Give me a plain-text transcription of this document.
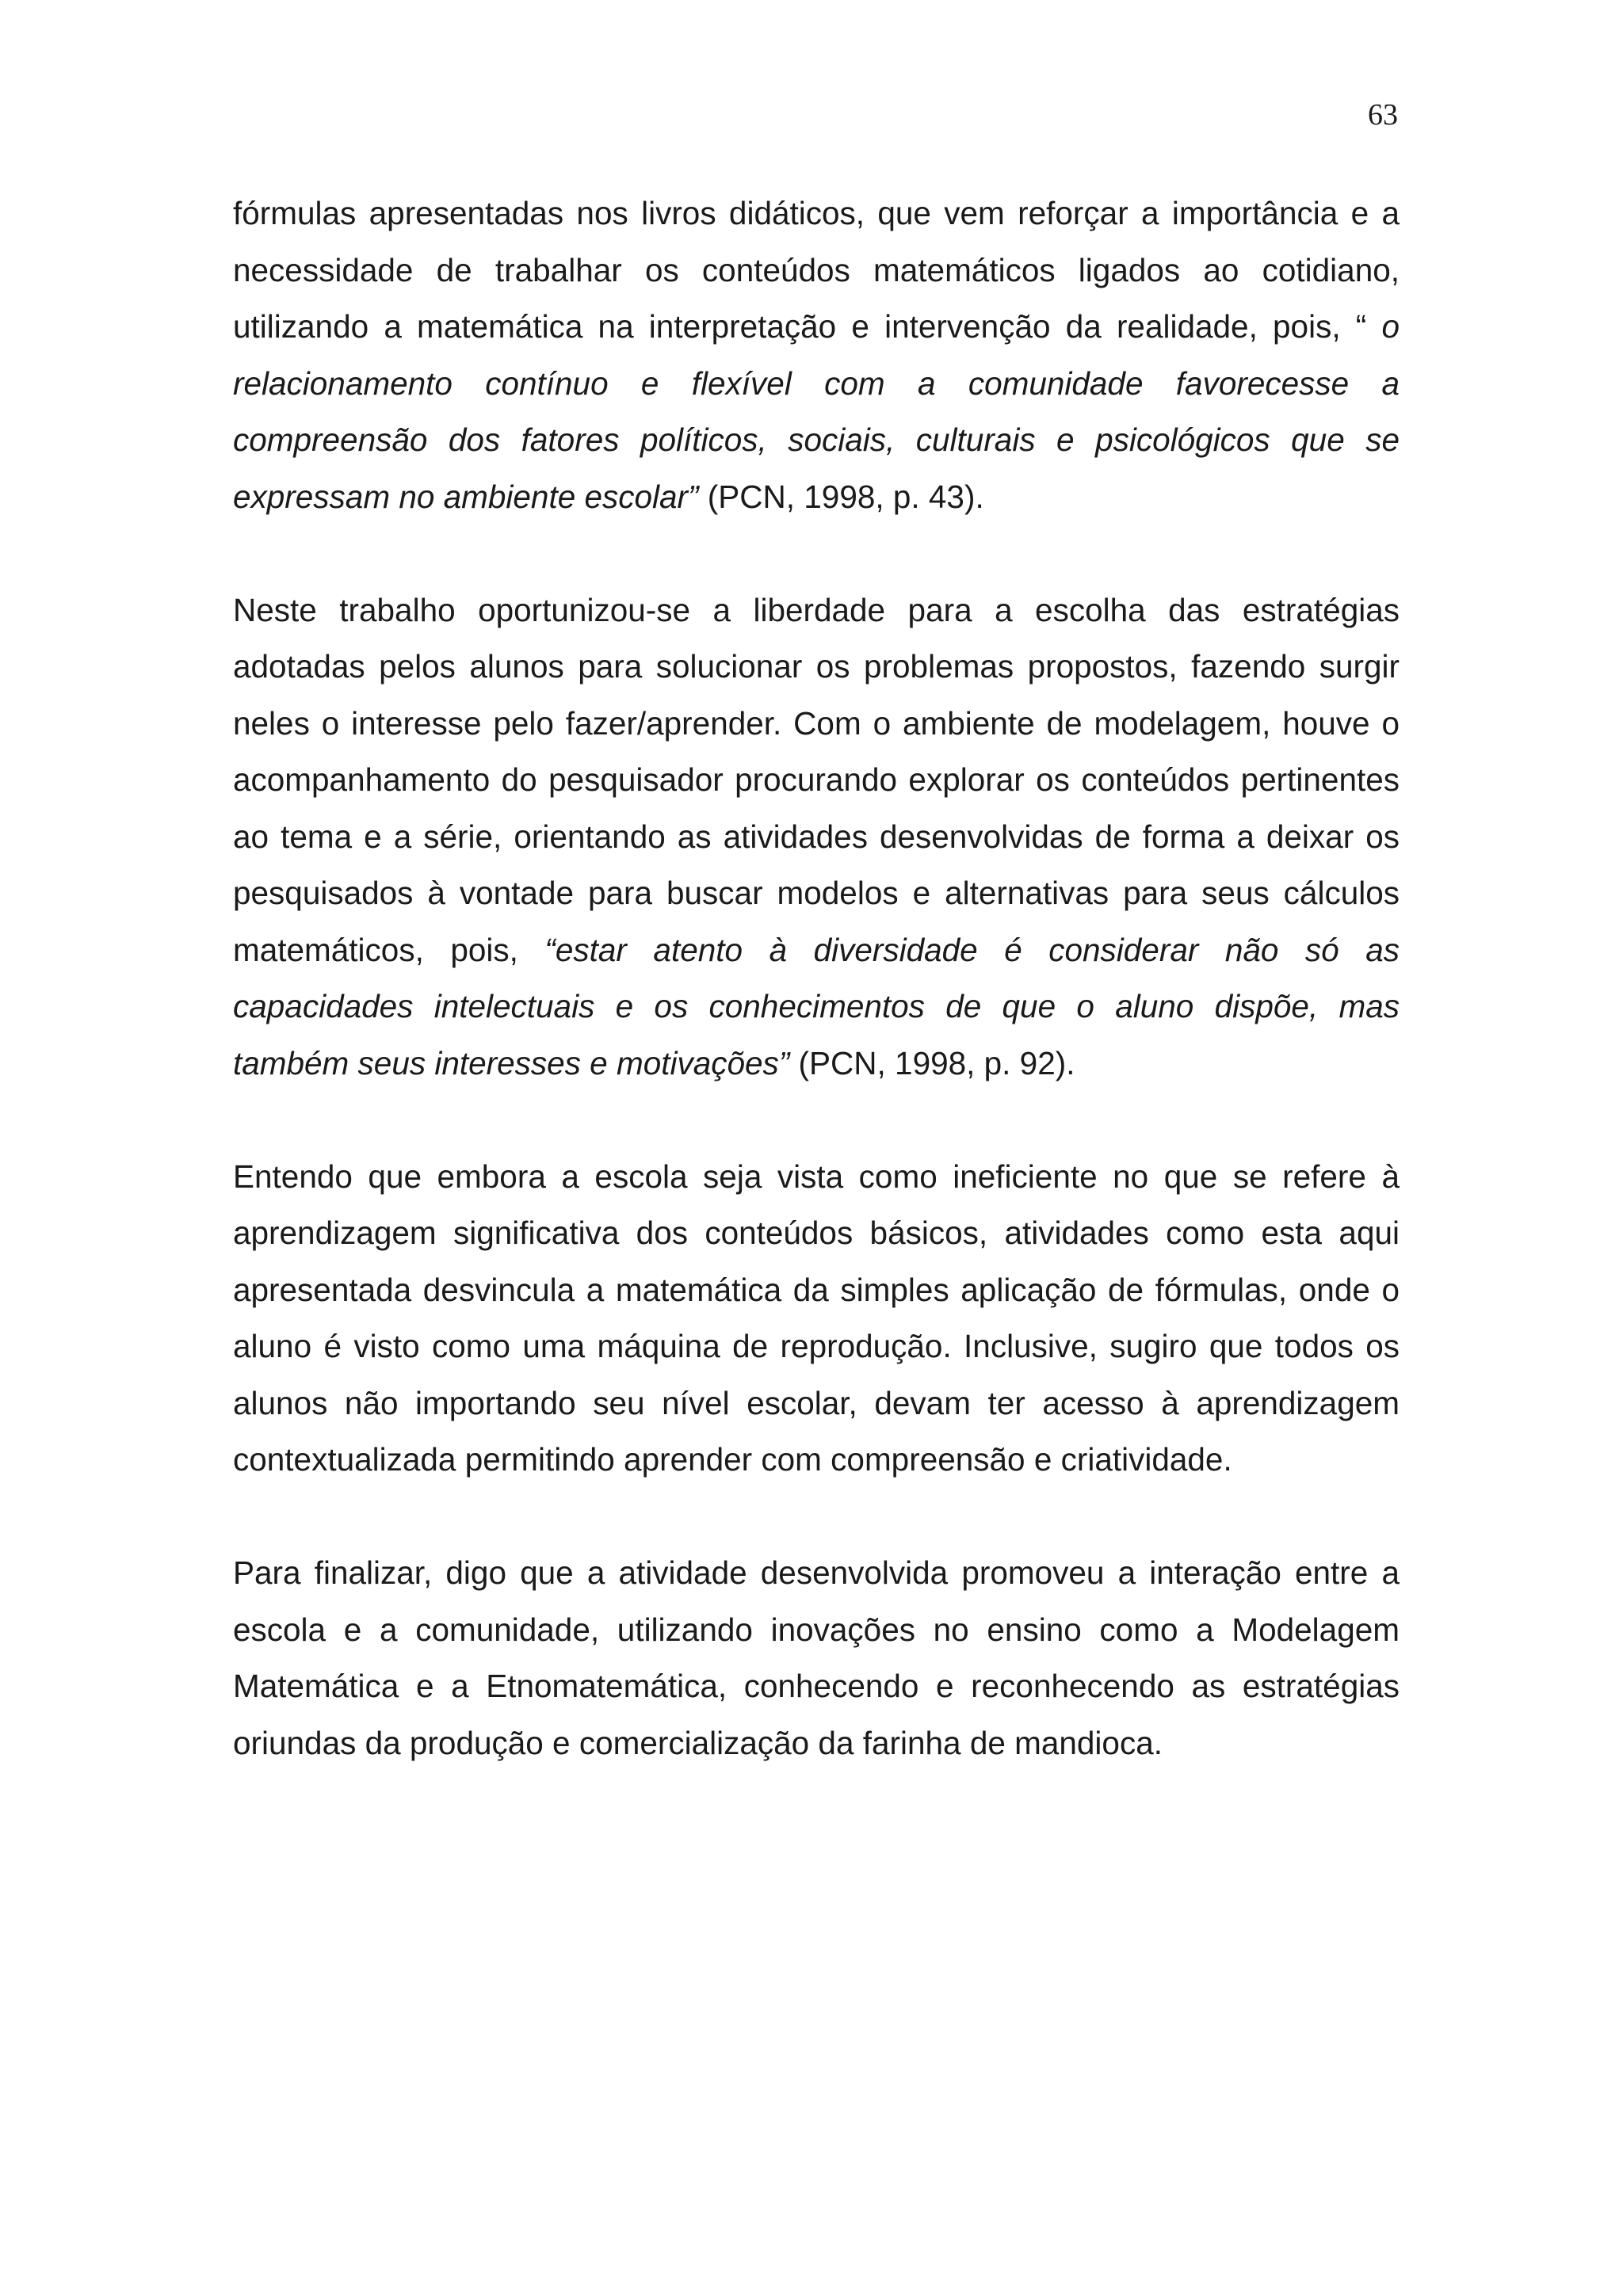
63

fórmulas apresentadas nos livros didáticos, que vem reforçar a importância e a necessidade de trabalhar os conteúdos matemáticos ligados ao cotidiano, utilizando a matemática na interpretação e intervenção da realidade, pois, “ o relacionamento contínuo e flexível com a comunidade favorecesse a compreensão dos fatores políticos, sociais, culturais e psicológicos que se expressam no ambiente escolar” (PCN, 1998, p. 43).

Neste trabalho oportunizou-se a liberdade para a escolha das estratégias adotadas pelos alunos para solucionar os problemas propostos, fazendo surgir neles o interesse pelo fazer/aprender. Com o ambiente de modelagem, houve o acompanhamento do pesquisador procurando explorar os conteúdos pertinentes ao tema e a série, orientando as atividades desenvolvidas de forma a deixar os pesquisados à vontade para buscar modelos e alternativas para seus cálculos matemáticos, pois, “estar atento à diversidade é considerar não só as capacidades intelectuais e os conhecimentos de que o aluno dispõe, mas também seus interesses e motivações” (PCN, 1998, p. 92).

Entendo que embora a escola seja vista como ineficiente no que se refere à aprendizagem significativa dos conteúdos básicos, atividades como esta aqui apresentada desvincula a matemática da simples aplicação de fórmulas, onde o aluno é visto como uma máquina de reprodução. Inclusive, sugiro que todos os alunos não importando seu nível escolar, devam ter acesso à aprendizagem contextualizada permitindo aprender com compreensão e criatividade.

Para finalizar, digo que a atividade desenvolvida promoveu a interação entre a escola e a comunidade, utilizando inovações no ensino como a Modelagem Matemática e a Etnomatemática, conhecendo e reconhecendo as estratégias oriundas da produção e comercialização da farinha de mandioca.
